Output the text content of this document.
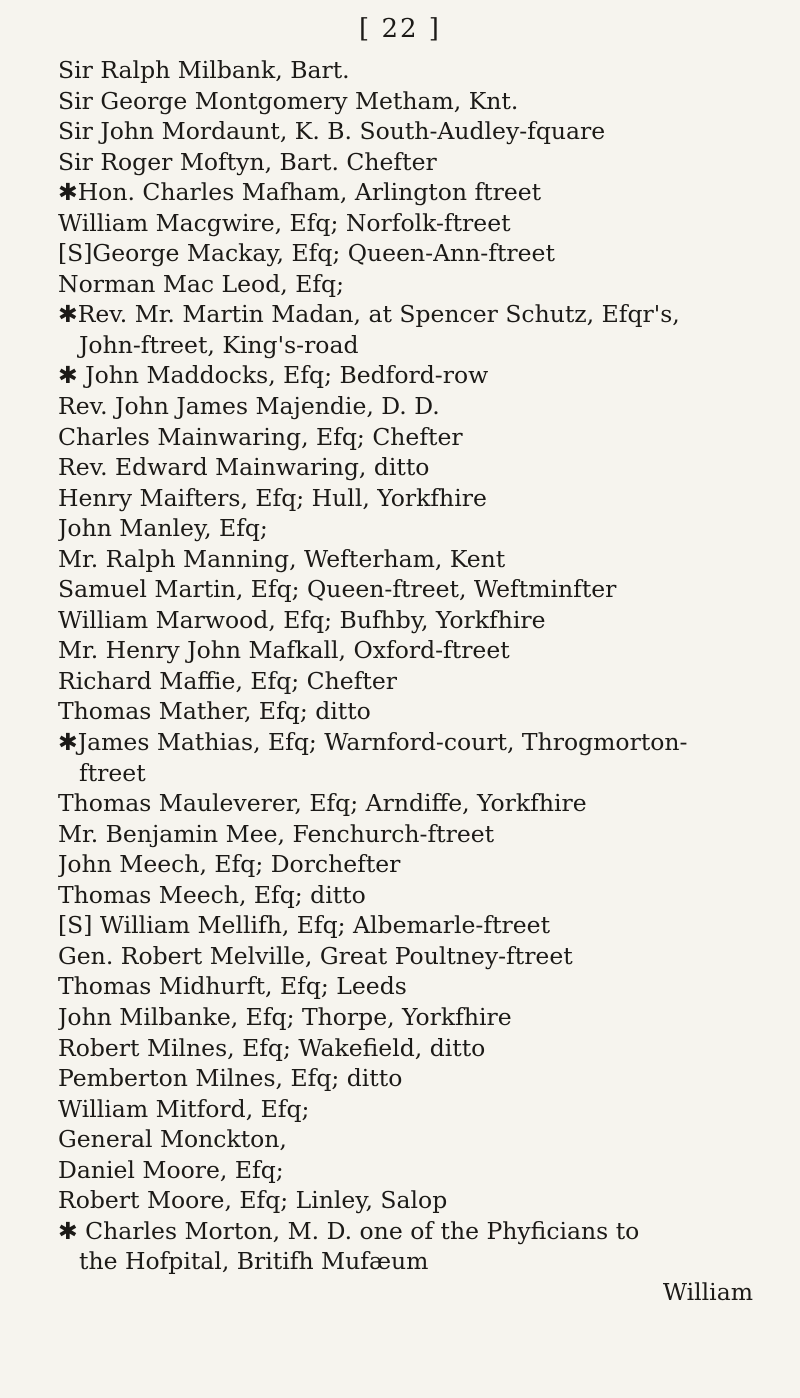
[ 22 ]
Sir Ralph Milbank, Bart.
Sir George Montgomery Metham, Knt.
Sir John Mordaunt, K. B. South-Audley-fquare
Sir Roger Moftyn, Bart. Chefter
✱Hon. Charles Mafham, Arlington ftreet
William Macgwire, Efq; Norfolk-ftreet
[S]George Mackay, Efq; Queen-Ann-ftreet
Norman Mac Leod, Efq;
✱Rev. Mr. Martin Madan, at Spencer Schutz, Efqr's,
John-ftreet, King's-road
✱ John Maddocks, Efq; Bedford-row
Rev. John James Majendie, D. D.
Charles Mainwaring, Efq; Chefter
Rev. Edward Mainwaring, ditto
Henry Maifters, Efq; Hull, Yorkfhire
John Manley, Efq;
Mr. Ralph Manning, Wefterham, Kent
Samuel Martin, Efq; Queen-ftreet, Weftminfter
William Marwood, Efq; Bufhby, Yorkfhire
Mr. Henry John Mafkall, Oxford-ftreet
Richard Maffie, Efq; Chefter
Thomas Mather, Efq; ditto
✱James Mathias, Efq; Warnford-court, Throgmorton-
ftreet
Thomas Mauleverer, Efq; Arndiffe, Yorkfhire
Mr. Benjamin Mee, Fenchurch-ftreet
John Meech, Efq; Dorchefter
Thomas Meech, Efq; ditto
[S] William Mellifh, Efq; Albemarle-ftreet
Gen. Robert Melville, Great Poultney-ftreet
Thomas Midhurft, Efq; Leeds
John Milbanke, Efq; Thorpe, Yorkfhire
Robert Milnes, Efq; Wakefield, ditto
Pemberton Milnes, Efq; ditto
William Mitford, Efq;
General Monckton,
Daniel Moore, Efq;
Robert Moore, Efq; Linley, Salop
✱ Charles Morton, M. D. one of the Phyficians to
the Hofpital, Britifh Mufæum
William
